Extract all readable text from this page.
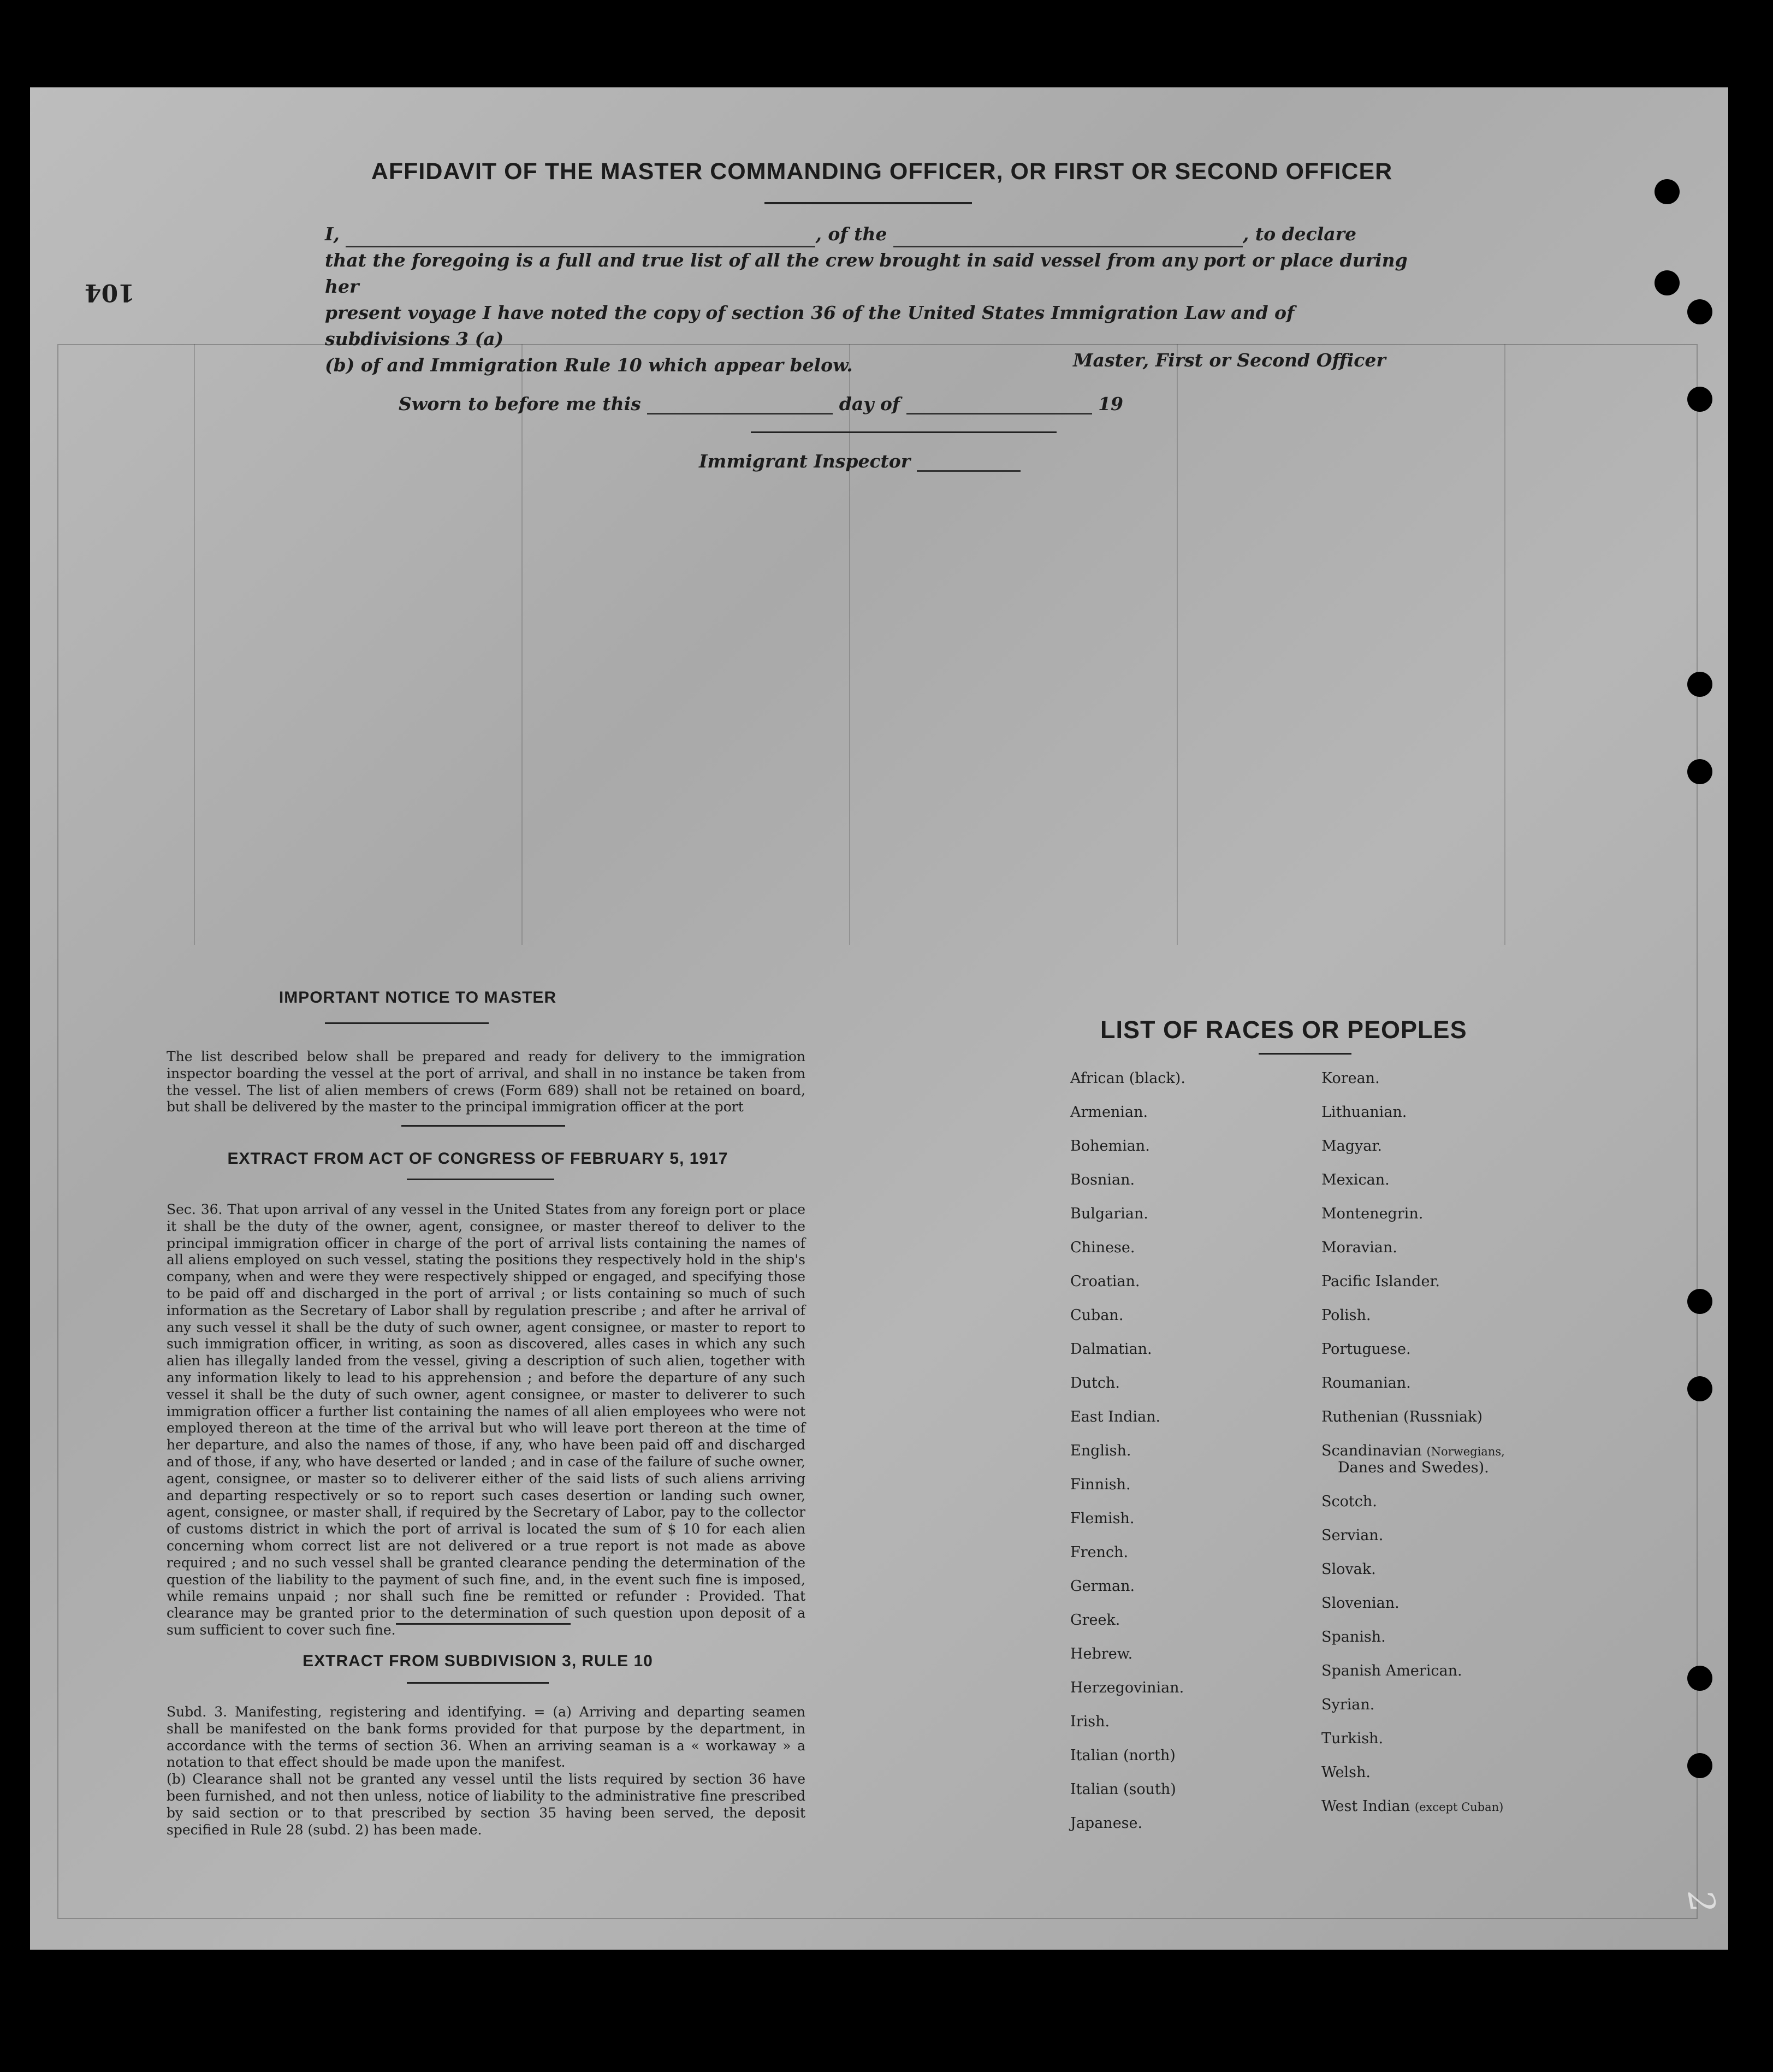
AFFIDAVIT OF THE MASTER COMMANDING OFFICER, OR FIRST OR SECOND OFFICER
I,	, of the	, to declare
that the foregoing is a full and true list of all the crew brought in said vessel from any port or place during her
present voyage I have noted the copy of section 36 of the United States Immigration Law and of subdivisions 3 (a)
(b) of and Immigration Rule 10 which appear below.	Master, First or Second Officer
Sworn to before me this	day of	19
Immigrant Inspector
104
IMPORTANT NOTICE TO MASTER
The list described below shall be prepared and ready for delivery to the immigration inspector boarding the vessel at the port of arrival, and shall in no instance be taken from the vessel. The list of alien members of crews (Form 689) shall not be retained on board, but shall be delivered by the master to the principal immigration officer at the port
EXTRACT FROM ACT OF CONGRESS OF FEBRUARY 5, 1917
Sec. 36. That upon arrival of any vessel in the United States from any foreign port or place it shall be the duty of the owner, agent, consignee, or master thereof to deliver to the principal immigration officer in charge of the port of arrival lists containing the names of all aliens employed on such vessel, stating the positions they respectively hold in the ship's company, when and were they were respectively shipped or engaged, and specifying those to be paid off and discharged in the port of arrival ; or lists containing so much of such information as the Secretary of Labor shall by regulation prescribe ; and after he arrival of any such vessel it shall be the duty of such owner, agent consignee, or master to report to such immigration officer, in writing, as soon as discovered, alles cases in which any such alien has illegally landed from the vessel, giving a description of such alien, together with any information likely to lead to his apprehension ; and before the departure of any such vessel it shall be the duty of such owner, agent consignee, or master to deliverer to such immigration officer a further list containing the names of all alien employees who were not employed thereon at the time of the arrival but who will leave port thereon at the time of her departure, and also the names of those, if any, who have been paid off and discharged and of those, if any, who have deserted or landed ; and in case of the failure of suche owner, agent, consignee, or master so to deliverer either of the said lists of such aliens arriving and departing respectively or so to report such cases desertion or landing such owner, agent, consignee, or master shall, if required by the Secretary of Labor, pay to the collector of customs district in which the port of arrival is located the sum of $ 10 for each alien concerning whom correct list are not delivered or a true report is not made as above required ; and no such vessel shall be granted clearance pending the determination of the question of the liability to the payment of such fine, and, in the event such fine is imposed, while remains unpaid ; nor shall such fine be remitted or refunder : Provided. That clearance may be granted prior to the determination of such question upon deposit of a sum sufficient to cover such fine.
EXTRACT FROM SUBDIVISION 3, RULE 10
Subd. 3. Manifesting, registering and identifying. = (a) Arriving and departing seamen shall be manifested on the bank forms provided for that purpose by the department, in accordance with the terms of section 36. When an arriving seaman is a « workaway » a notation to that effect should be made upon the manifest.
(b) Clearance shall not be granted any vessel until the lists required by section 36 have been furnished, and not then unless, notice of liability to the administrative fine prescribed by said section or to that prescribed by section 35 having been served, the deposit specified in Rule 28 (subd. 2) has been made.
LIST OF RACES OR PEOPLES
African (black).
Armenian.
Bohemian.
Bosnian.
Bulgarian.
Chinese.
Croatian.
Cuban.
Dalmatian.
Dutch.
East Indian.
English.
Finnish.
Flemish.
French.
German.
Greek.
Hebrew.
Herzegovinian.
Irish.
Italian (north)
Italian (south)
Japanese.
Korean.
Lithuanian.
Magyar.
Mexican.
Montenegrin.
Moravian.
Pacific Islander.
Polish.
Portuguese.
Roumanian.
Ruthenian (Russniak)
Scandinavian (Norwegians,
Danes and Swedes).
Scotch.
Servian.
Slovak.
Slovenian.
Spanish.
Spanish American.
Syrian.
Turkish.
Welsh.
West Indian (except Cuban)
2
